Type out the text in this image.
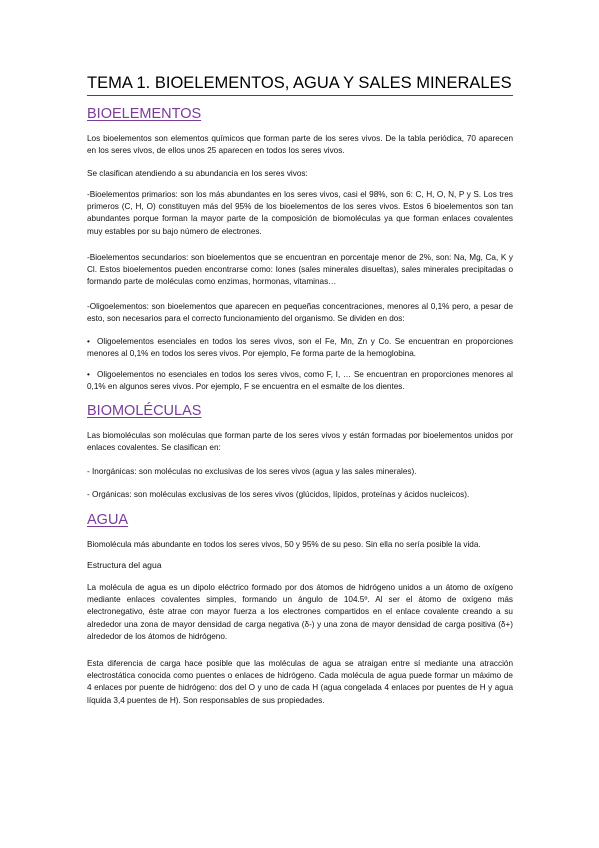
TEMA 1. BIOELEMENTOS, AGUA Y SALES MINERALES
BIOELEMENTOS
Los bioelementos son elementos químicos que forman parte de los seres vivos. De la tabla periódica, 70 aparecen en los seres vivos, de ellos unos 25 aparecen en todos los seres vivos.
Se clasifican atendiendo a su abundancia en los seres vivos:
-Bioelementos primarios: son los más abundantes en los seres vivos, casi el 98%, son 6: C, H, O, N, P y S. Los tres primeros (C, H, O) constituyen más del 95% de los bioelementos de los seres vivos. Estos 6 bioelementos son tan abundantes porque forman la mayor parte de la composición de biomoléculas ya que forman enlaces covalentes muy estables por su bajo número de electrones.
-Bioelementos secundarios: son bioelementos que se encuentran en porcentaje menor de 2%, son: Na, Mg, Ca, K y Cl. Estos bioelementos pueden encontrarse como: Iones (sales minerales disueltas), sales minerales precipitadas o formando parte de moléculas como enzimas, hormonas, vitaminas…
-Oligoelementos: son bioelementos que aparecen en pequeñas concentraciones, menores al 0,1% pero, a pesar de esto, son necesarios para el correcto funcionamiento del organismo. Se dividen en dos:
• Oligoelementos esenciales en todos los seres vivos, son el Fe, Mn, Zn y Co. Se encuentran en proporciones menores al 0,1% en todos los seres vivos. Por ejemplo, Fe forma parte de la hemoglobina.
• Oligoelementos no esenciales en todos los seres vivos, como F, I, … Se encuentran en proporciones menores al 0,1% en algunos seres vivos. Por ejemplo, F se encuentra en el esmalte de los dientes.
BIOMOLÉCULAS
Las biomoléculas son moléculas que forman parte de los seres vivos y están formadas por bioelementos unidos por enlaces covalentes. Se clasifican en:
- Inorgánicas: son moléculas no exclusivas de los seres vivos (agua y las sales minerales).
- Orgánicas: son moléculas exclusivas de los seres vivos (glúcidos, lípidos, proteínas y ácidos nucleicos).
AGUA
Biomolécula más abundante en todos los seres vivos, 50 y 95% de su peso. Sin ella no sería posible la vida.
Estructura del agua
La molécula de agua es un dipolo eléctrico formado por dos átomos de hidrógeno unidos a un átomo de oxígeno mediante enlaces covalentes simples, formando un ángulo de 104.5º. Al ser el átomo de oxígeno más electronegativo, éste atrae con mayor fuerza a los electrones compartidos en el enlace covalente creando a su alrededor una zona de mayor densidad de carga negativa (δ-) y una zona de mayor densidad de carga positiva (δ+) alrededor de los átomos de hidrógeno.
Esta diferencia de carga hace posible que las moléculas de agua se atraigan entre sí mediante una atracción electrostática conocida como puentes o enlaces de hidrógeno. Cada molécula de agua puede formar un máximo de 4 enlaces por puente de hidrógeno: dos del O y uno de cada H (agua congelada 4 enlaces por puentes de H y agua líquida 3,4 puentes de H). Son responsables de sus propiedades.
